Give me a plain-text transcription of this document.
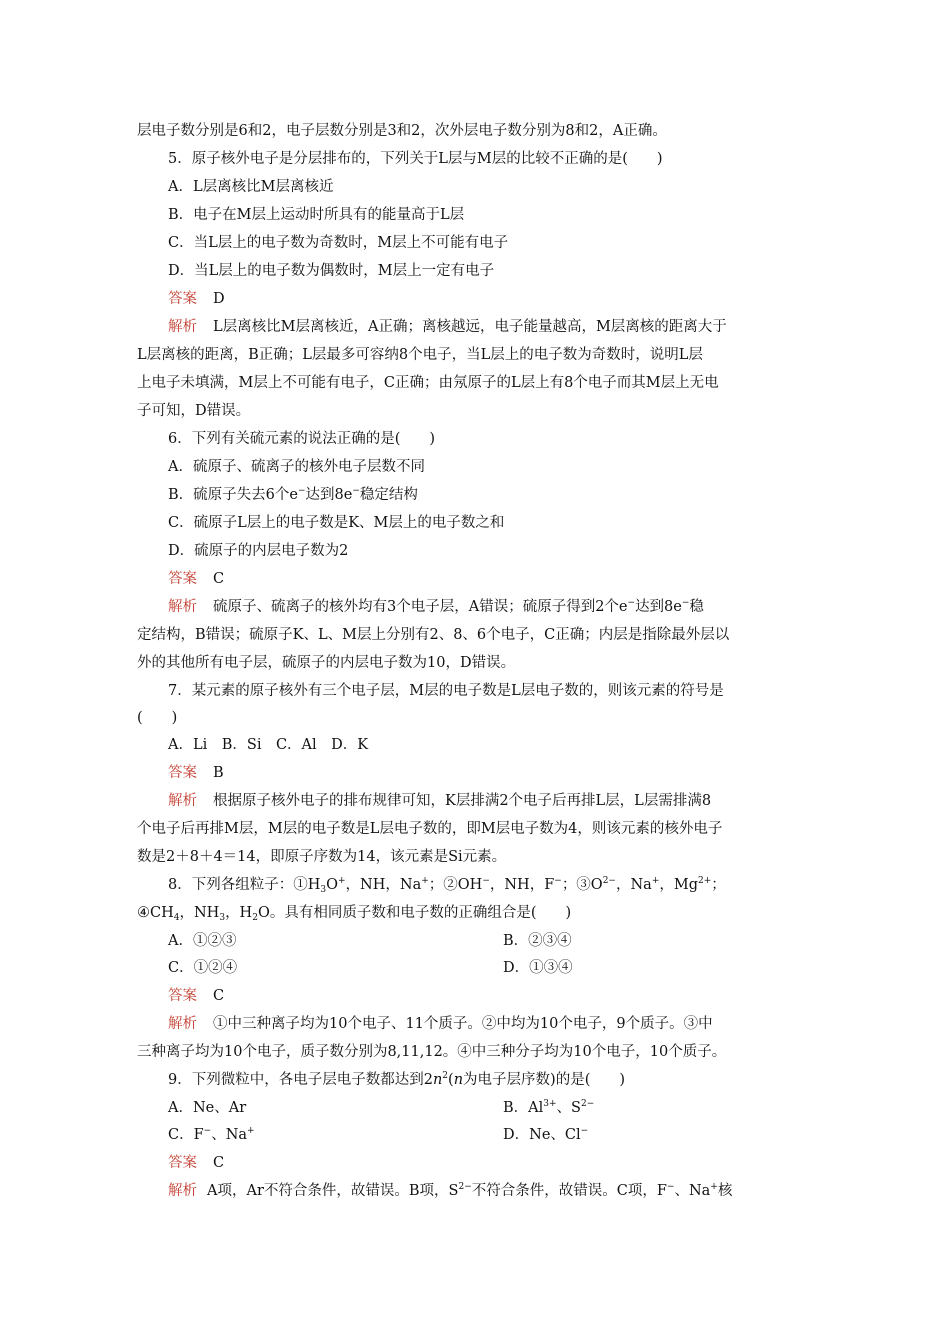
层电子数分别是6和2，电子层数分别是3和2，次外层电子数分别为8和2，A正确。
5．原子核外电子是分层排布的，下列关于L层与M层的比较不正确的是(　　)
A．L层离核比M层离核近
B．电子在M层上运动时所具有的能量高于L层
C．当L层上的电子数为奇数时，M层上不可能有电子
D．当L层上的电子数为偶数时，M层上一定有电子
答案 D
解析 L层离核比M层离核近，A正确；离核越远，电子能量越高，M层离核的距离大于
L层离核的距离，B正确；L层最多可容纳8个电子，当L层上的电子数为奇数时，说明L层
上电子未填满，M层上不可能有电子，C正确；由氖原子的L层上有8个电子而其M层上无电
子可知，D错误。
6．下列有关硫元素的说法正确的是(　　)
A．硫原子、硫离子的核外电子层数不同
B．硫原子失去6个e−达到8e−稳定结构
C．硫原子L层上的电子数是K、M层上的电子数之和
D．硫原子的内层电子数为2
答案 C
解析 硫原子、硫离子的核外均有3个电子层，A错误；硫原子得到2个e−达到8e−稳
定结构，B错误；硫原子K、L、M层上分别有2、8、6个电子，C正确；内层是指除最外层以
外的其他所有电子层，硫原子的内层电子数为10，D错误。
7．某元素的原子核外有三个电子层，M层的电子数是L层电子数的，则该元素的符号是
(　　)
A．Li　B．Si　C．Al　D．K
答案 B
解析 根据原子核外电子的排布规律可知，K层排满2个电子后再排L层，L层需排满8
个电子后再排M层，M层的电子数是L层电子数的，即M层电子数为4，则该元素的核外电子
数是2＋8＋4＝14，即原子序数为14，该元素是Si元素。
8．下列各组粒子：$①H_3O^+$，NH，Na+；②OH−，NH，F−；$③O^{2-}$，Na+，$Mg^{2+}$；
$④CH_4$，$NH_3$，$H_2O$。具有相同质子数和电子数的正确组合是(　　)
A．①②③	B．②③④
C．①②④	D．①③④
答案 C
解析 ①中三种离子均为10个电子、11个质子。②中均为10个电子，9个质子。③中
三种离子均为10个电子，质子数分别为8,11,12。④中三种分子均为10个电子，10个质子。
9．下列微粒中，各电子层电子数都达到$2n^2(n$为电子层序数)的是(　　)
A．Ne、Ar	B．$Al^{3+}$、$S^{2-}$
C．F−、Na+	D．Ne、Cl−
答案 C
解析 A项，Ar不符合条件，故错误。B项，$S^{2-}$不符合条件，故错误。C项，F−、Na+核
